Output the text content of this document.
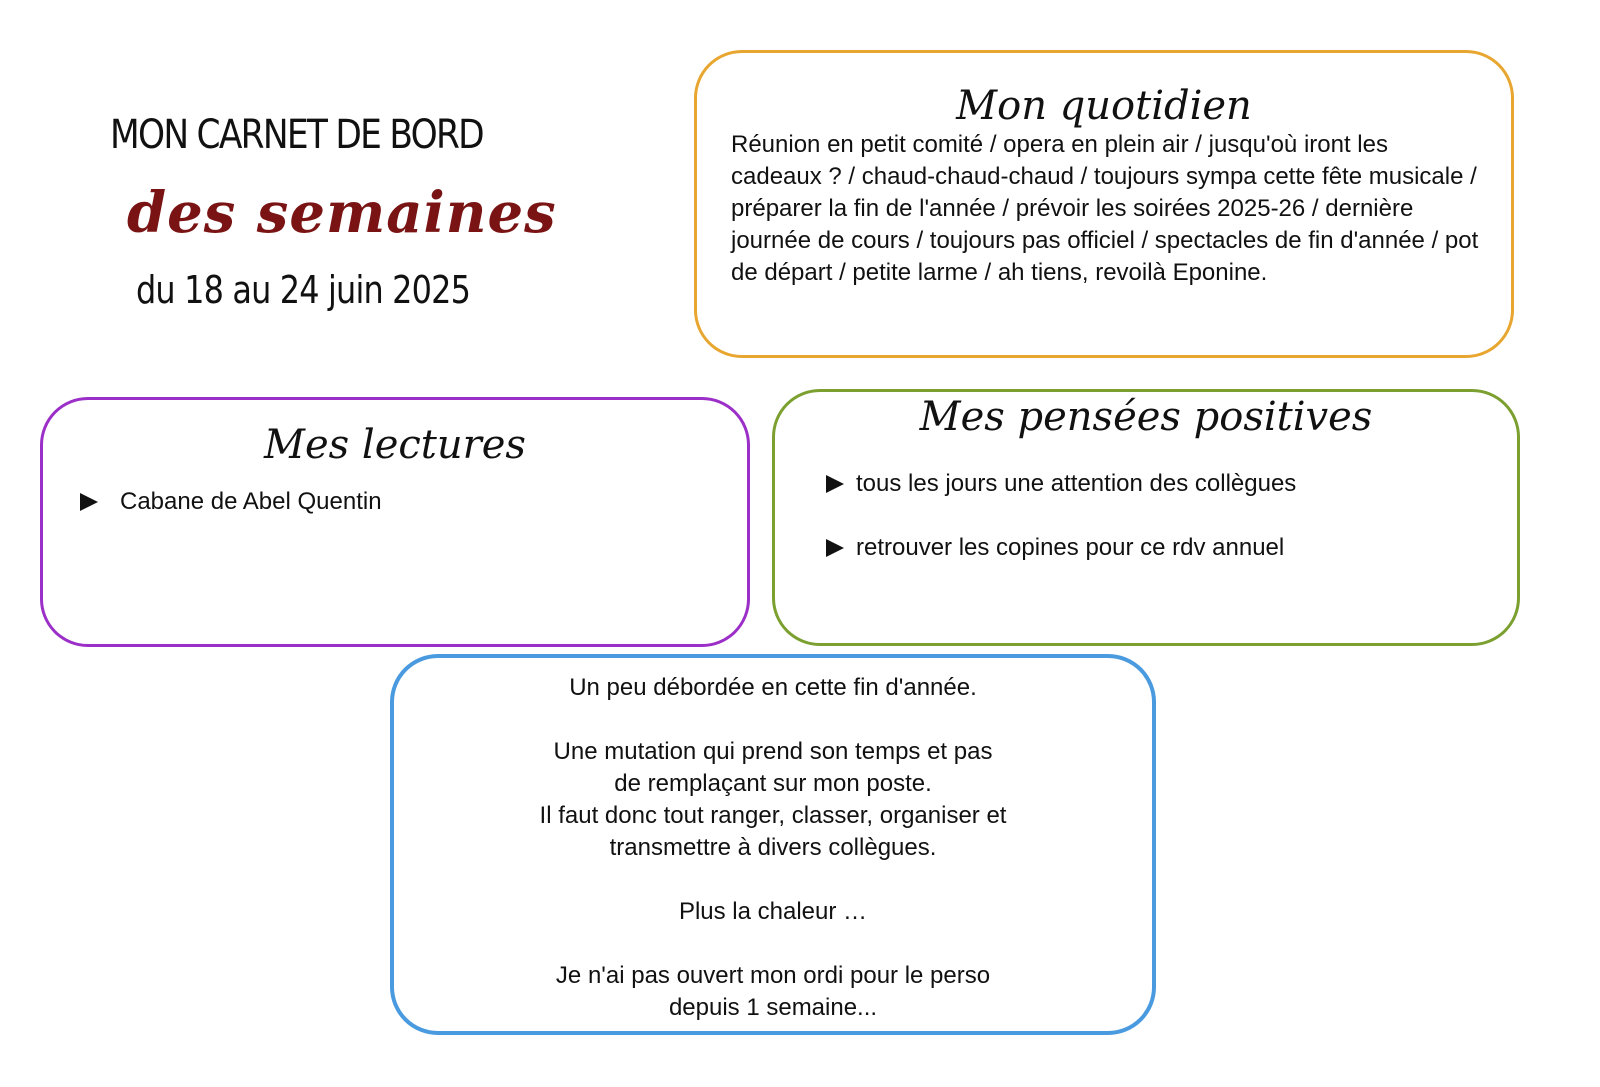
MON CARNET DE BORD
des semaines
du 18 au 24 juin 2025
Mon quotidien
Réunion en petit comité / opera en plein air / jusqu'où iront les cadeaux ? / chaud-chaud-chaud / toujours sympa cette fête musicale / préparer la fin de l'année / prévoir les soirées 2025-26 / dernière journée de cours / toujours pas officiel / spectacles de fin d'année / pot de départ / petite larme / ah tiens, revoilà Eponine.
Mes lectures
Cabane de Abel Quentin
Mes pensées positives
tous les jours une attention des collègues
retrouver les copines pour ce rdv annuel

Un peu débordée en cette fin d'année.

Une mutation qui prend son temps et pas
de remplaçant sur mon poste.
Il faut donc tout ranger, classer, organiser et
transmettre à divers collègues.

Plus la chaleur …

Je n'ai pas ouvert mon ordi pour le perso
depuis 1 semaine...
